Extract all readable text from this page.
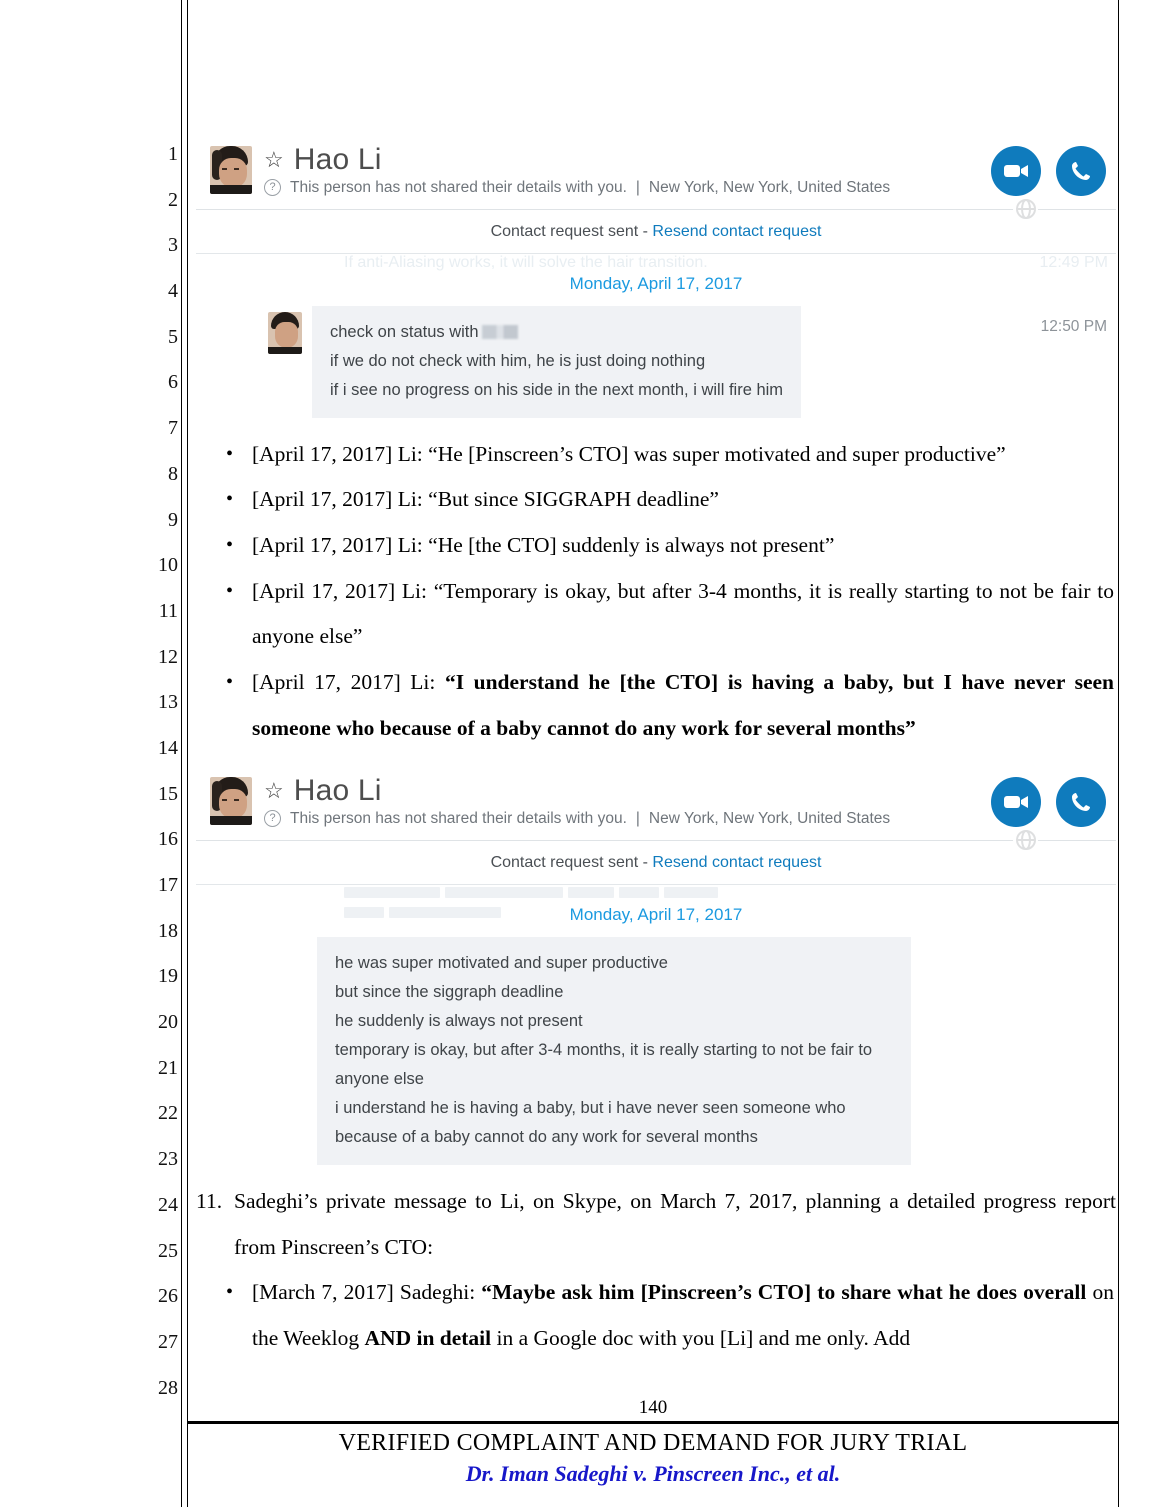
1
2
3
4
5
6
7
8
9
10
11
12
13
14
15
16
17
18
19
20
21
22
23
24
25
26
27
28
☆ Hao Li
? This person has not shared their details with you. | New York, New York, United States
Contact request sent - Resend contact request
If anti-Aliasing works, it will solve the hair transition.	12:49 PM
Monday, April 17, 2017
check on status with
if we do not check with him, he is just doing nothing
if i see no progress on his side in the next month, i will fire him
12:50 PM
• [April 17, 2017] Li: “He [Pinscreen’s CTO] was super motivated and super productive”
• [April 17, 2017] Li: “But since SIGGRAPH deadline”
• [April 17, 2017] Li: “He [the CTO] suddenly is always not present”
• [April 17, 2017] Li: “Temporary is okay, but after 3-4 months, it is really starting to not be fair to anyone else”
• [April 17, 2017] Li: “I understand he [the CTO] is having a baby, but I have never seen someone who because of a baby cannot do any work for several months”
☆ Hao Li
? This person has not shared their details with you. | New York, New York, United States
Contact request sent - Resend contact request

Monday, April 17, 2017
he was super motivated and super productive
but since the siggraph deadline
he suddenly is always not present
temporary is okay, but after 3-4 months, it is really starting to not be fair to anyone else
i understand he is having a baby, but i have never seen someone who because of a baby cannot do any work for several months
11. Sadeghi’s private message to Li, on Skype, on March 7, 2017, planning a detailed progress report from Pinscreen’s CTO:
• [March 7, 2017] Sadeghi: “Maybe ask him [Pinscreen’s CTO] to share what he does overall on the Weeklog AND in detail in a Google doc with you [Li] and me only. Add
140
VERIFIED COMPLAINT AND DEMAND FOR JURY TRIAL
Dr. Iman Sadeghi v. Pinscreen Inc., et al.
